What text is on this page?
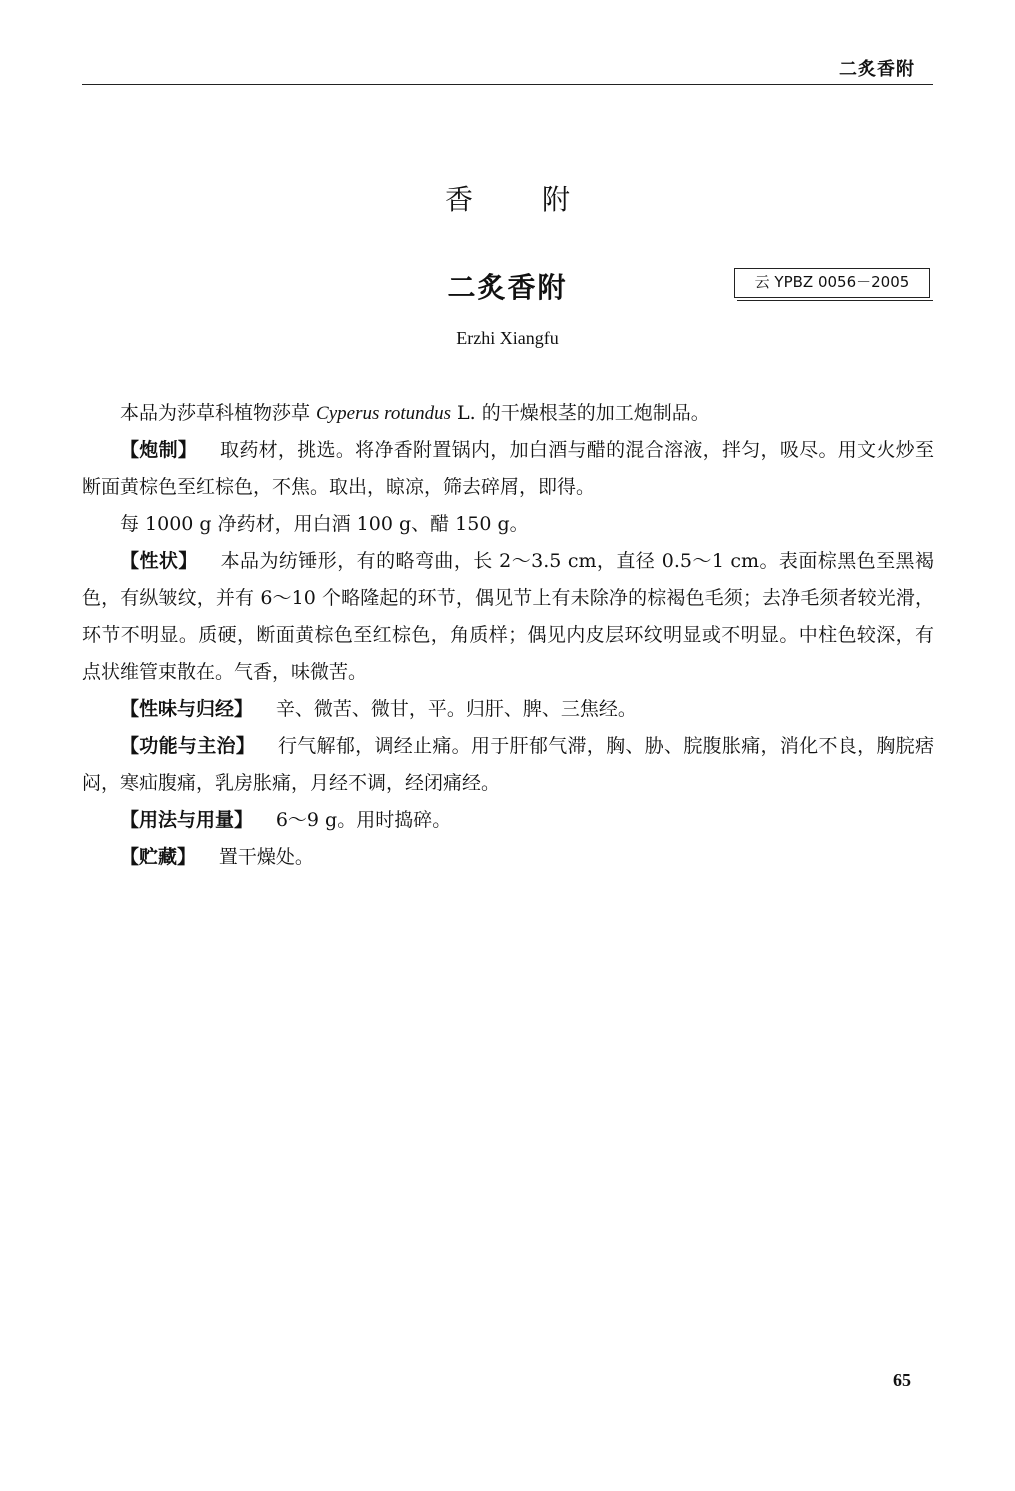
二炙香附
香 附
二炙香附	云 YPBZ 0056－2005
Erzhi Xiangfu

本品为莎草科植物莎草 Cyperus rotundus L. 的干燥根茎的加工炮制品。

【炮制】 取药材，挑选。将净香附置锅内，加白酒与醋的混合溶液，拌匀，吸尽。用文火炒至断面黄棕色至红棕色，不焦。取出，晾凉，筛去碎屑，即得。

每 1000 g 净药材，用白酒 100 g、醋 150 g。

【性状】 本品为纺锤形，有的略弯曲，长 2～3.5 cm，直径 0.5～1 cm。表面棕黑色至黑褐色，有纵皱纹，并有 6～10 个略隆起的环节，偶见节上有未除净的棕褐色毛须；去净毛须者较光滑，环节不明显。质硬，断面黄棕色至红棕色，角质样；偶见内皮层环纹明显或不明显。中柱色较深，有点状维管束散在。气香，味微苦。

【性味与归经】 辛、微苦、微甘，平。归肝、脾、三焦经。

【功能与主治】 行气解郁，调经止痛。用于肝郁气滞，胸、胁、脘腹胀痛，消化不良，胸脘痞闷，寒疝腹痛，乳房胀痛，月经不调，经闭痛经。

【用法与用量】 6～9 g。用时捣碎。

【贮藏】 置干燥处。

65
